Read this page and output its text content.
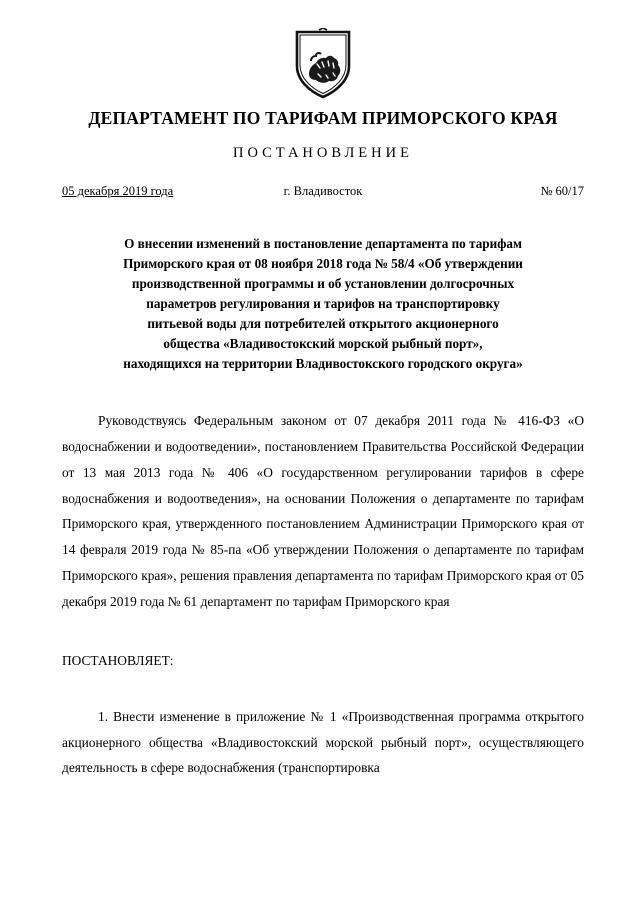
ДЕПАРТАМЕНТ ПО ТАРИФАМ ПРИМОРСКОГО КРАЯ
ПОСТАНОВЛЕНИЕ
05 декабря 2019 года	г. Владивосток	№ 60/17
О внесении изменений в постановление департамента по тарифам Приморского края от 08 ноября 2018 года № 58/4 «Об утверждении производственной программы и об установлении долгосрочных параметров регулирования и тарифов на транспортировку питьевой воды для потребителей открытого акционерного общества «Владивостокский морской рыбный порт», находящихся на территории Владивостокского городского округа»
Руководствуясь Федеральным законом от 07 декабря 2011 года № 416-ФЗ «О водоснабжении и водоотведении», постановлением Правительства Российской Федерации от 13 мая 2013 года № 406 «О государственном регулировании тарифов в сфере водоснабжения и водоотведения», на основании Положения о департаменте по тарифам Приморского края, утвержденного постановлением Администрации Приморского края от 14 февраля 2019 года № 85-па «Об утверждении Положения о департаменте по тарифам Приморского края», решения правления департамента по тарифам Приморского края от 05 декабря 2019 года № 61 департамент по тарифам Приморского края
ПОСТАНОВЛЯЕТ:
1. Внести изменение в приложение № 1 «Производственная программа открытого акционерного общества «Владивостокский морской рыбный порт», осуществляющего деятельность в сфере водоснабжения (транспортировка
